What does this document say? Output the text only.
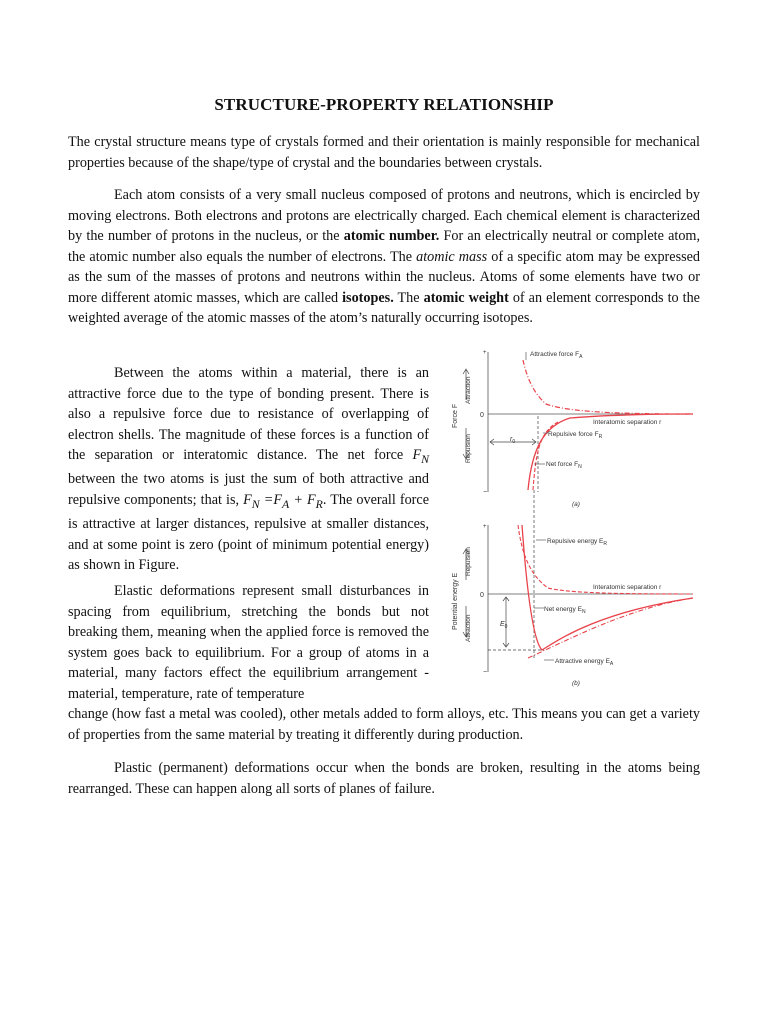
STRUCTURE-PROPERTY RELATIONSHIP

The crystal structure means type of crystals formed and their orientation is mainly responsible for mechanical properties because of the shape/type of crystal and the boundaries between crystals.

Each atom consists of a very small nucleus composed of protons and neutrons, which is encircled by moving electrons. Both electrons and protons are electrically charged. Each chemical element is characterized by the number of protons in the nucleus, or the atomic number. For an electrically neutral or complete atom, the atomic number also equals the number of electrons. The atomic mass of a specific atom may be expressed as the sum of the masses of protons and neutrons within the nucleus. Atoms of some elements have two or more different atomic masses, which are called isotopes. The atomic weight of an element corresponds to the weighted average of the atomic masses of the atom’s naturally occurring isotopes.

Between the atoms within a material, there is an attractive force due to the type of bonding present. There is also a repulsive force due to resistance of overlapping of electron shells. The magnitude of these forces is a function of the separation or interatomic distance. The net force $F_N$ between the two atoms is just the sum of both attractive and repulsive components; that is, $F_N =F_A + F_R$. The overall force is attractive at larger distances, repulsive at smaller distances, and at some point is zero (point of minimum potential energy) as shown in Figure.

Elastic deformations represent small disturbances in spacing from equilibrium, stretching the bonds but not breaking them, meaning when the applied force is removed the system goes back to equilibrium. For a group of atoms in a material, many factors effect the equilibrium arrangement - material, temperature, rate of temperature

change (how fast a metal was cooled), other metals added to form alloys, etc. This means you can get a variety of properties from the same material by treating it differently during production.

Plastic (permanent) deformations occur when the bonds are broken, resulting in the atoms being rearranged. These can happen along all sorts of planes of failure.

+
−
0
Force F
Attraction
Repulsion	$r_0$
Attractive force $F_A$
Repulsive force $F_R$
Net force $F_N$
Interatomic separation r
(a)
+
−
0
Potential energy E
Repulsion
Attraction	$E_0$
Repulsive energy $E_R$
Net energy $E_N$
Attractive energy $E_A$
Interatomic separation r
(b)
